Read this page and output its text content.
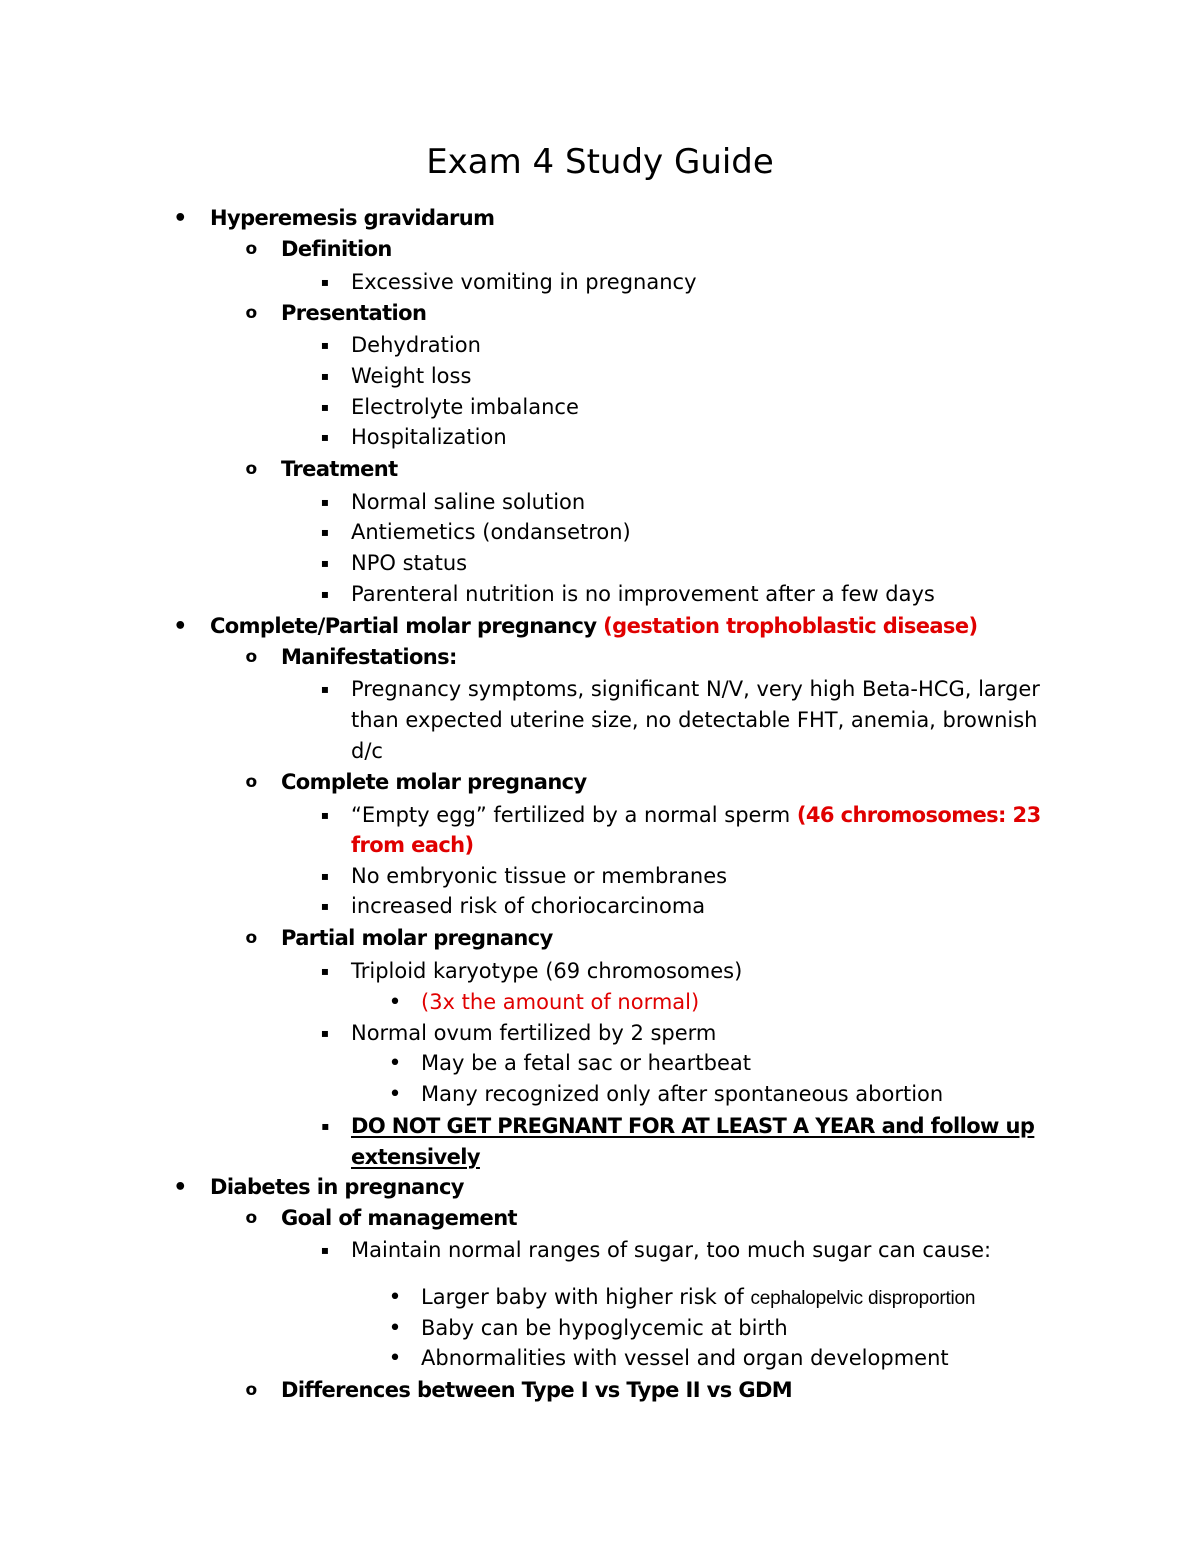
Exam 4 Study Guide
• Hyperemesis gravidarum
o Definition
▪ Excessive vomiting in pregnancy
o Presentation
▪ Dehydration
▪ Weight loss
▪ Electrolyte imbalance
▪ Hospitalization
o Treatment
▪ Normal saline solution
▪ Antiemetics (ondansetron)
▪ NPO status
▪ Parenteral nutrition is no improvement after a few days
• Complete/Partial molar pregnancy (gestation trophoblastic disease)
o Manifestations:
▪ Pregnancy symptoms, significant N/V, very high Beta-HCG, larger
than expected uterine size, no detectable FHT, anemia, brownish
d/c
o Complete molar pregnancy
▪ “Empty egg” fertilized by a normal sperm (46 chromosomes: 23
from each)
▪ No embryonic tissue or membranes
▪ increased risk of choriocarcinoma
o Partial molar pregnancy
▪ Triploid karyotype (69 chromosomes)
• (3x the amount of normal)
▪ Normal ovum fertilized by 2 sperm
• May be a fetal sac or heartbeat
• Many recognized only after spontaneous abortion
▪ DO NOT GET PREGNANT FOR AT LEAST A YEAR and follow up
extensively
• Diabetes in pregnancy
o Goal of management
▪ Maintain normal ranges of sugar, too much sugar can cause:
• Larger baby with higher risk of cephalopelvic disproportion
• Baby can be hypoglycemic at birth
• Abnormalities with vessel and organ development
o Differences between Type I vs Type II vs GDM
